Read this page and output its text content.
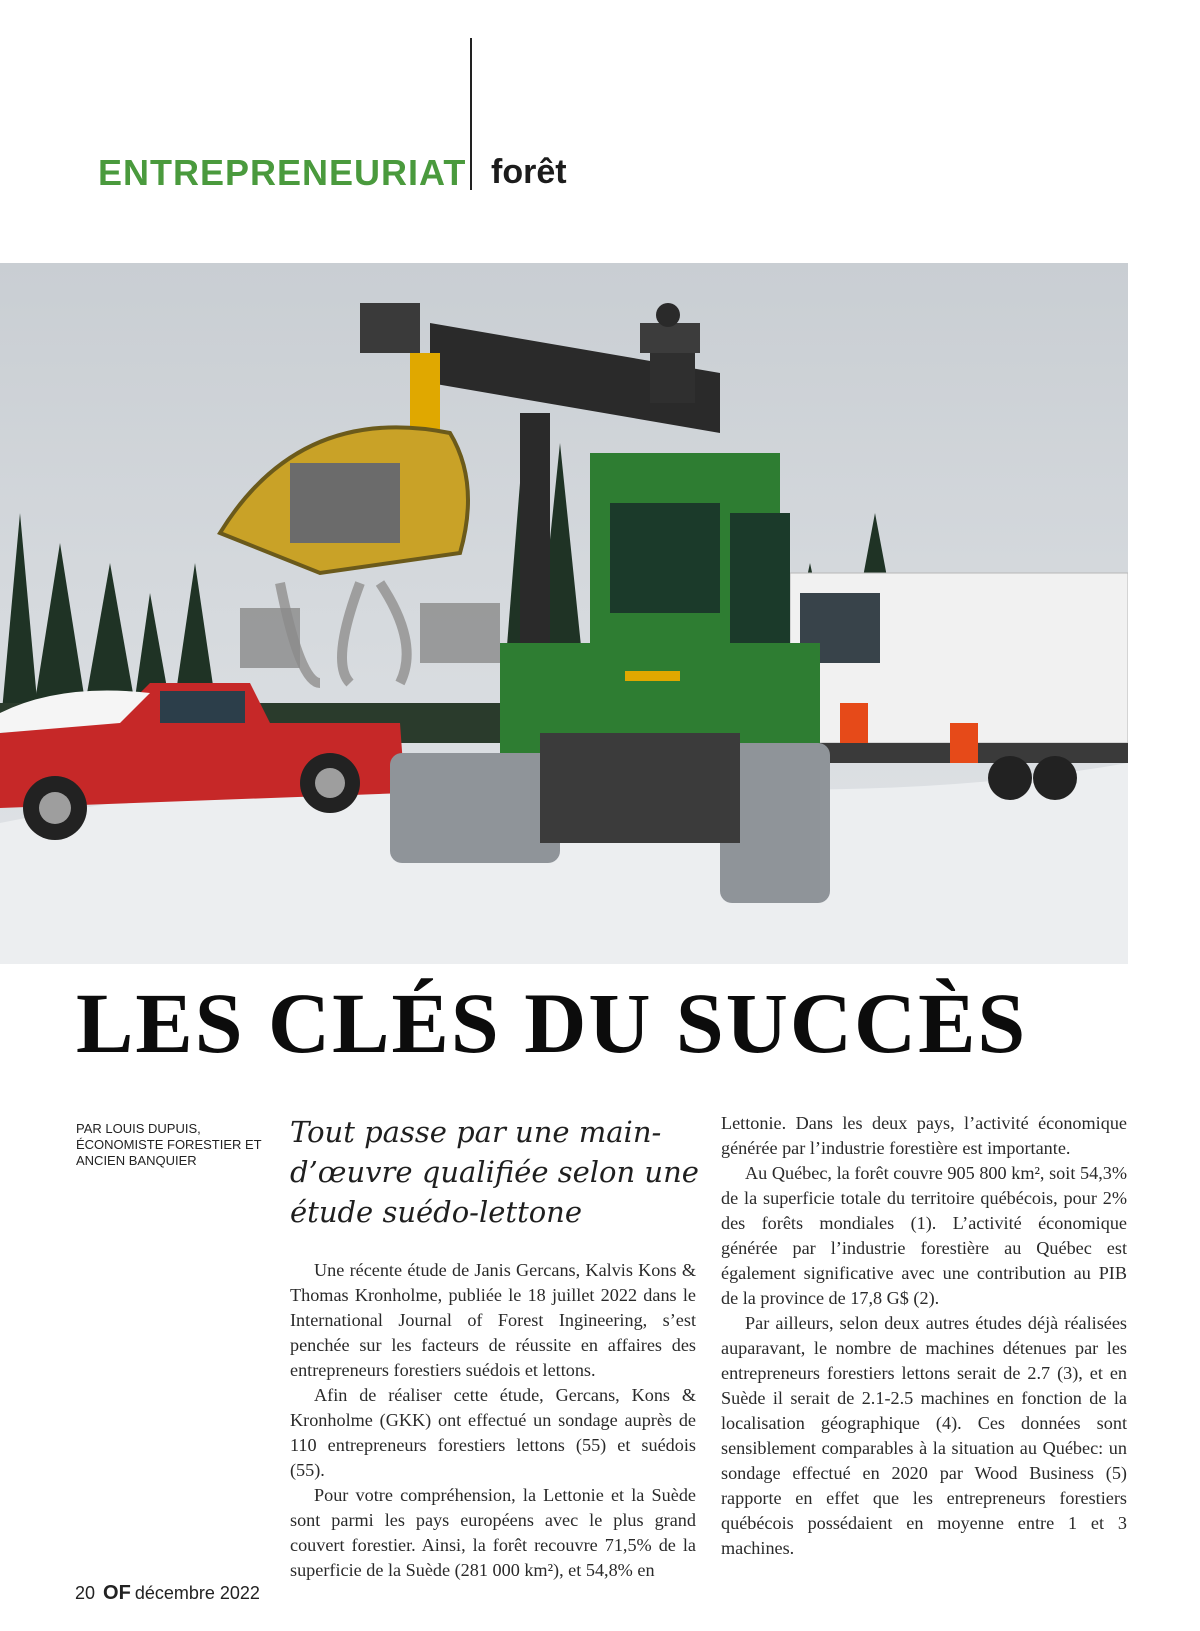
ENTREPRENEURIAT forêt
LES CLÉS DU SUCCÈS
PAR LOUIS DUPUIS,
ÉCONOMISTE FORESTIER ET
ANCIEN BANQUIER
Tout passe par une main-d’œuvre qualifiée selon une étude suédo-lettone

Une récente étude de Janis Gercans, Kalvis Kons & Thomas Kronholme, publiée le 18 juillet 2022 dans le International Journal of Forest Ingineering, s’est penchée sur les facteurs de réussite en affaires des entrepreneurs forestiers suédois et lettons.

Afin de réaliser cette étude, Gercans, Kons & Kronholme (GKK) ont effectué un sondage auprès de 110 entrepreneurs forestiers lettons (55) et suédois (55).

Pour votre compréhension, la Lettonie et la Suède sont parmi les pays européens avec le plus grand couvert forestier. Ainsi, la forêt recouvre 71,5% de la superficie de la Suède (281 000 km²), et 54,8% en

Lettonie. Dans les deux pays, l’activité économique générée par l’industrie forestière est importante.

Au Québec, la forêt couvre 905 800 km², soit 54,3% de la superficie totale du territoire québécois, pour 2% des forêts mondiales (1). L’activité économique générée par l’industrie forestière au Québec est également significative avec une contribution au PIB de la province de 17,8 G$ (2).

Par ailleurs, selon deux autres études déjà réalisées auparavant, le nombre de machines détenues par les entrepreneurs forestiers lettons serait de 2.7 (3), et en Suède il serait de 2.1-2.5 machines en fonction de la localisation géographique (4). Ces données sont sensiblement comparables à la situation au Québec: un sondage effectué en 2020 par Wood Business (5) rapporte en effet que les entrepreneurs forestiers québécois possédaient en moyenne entre 1 et 3 machines.

20 OF décembre 2022
